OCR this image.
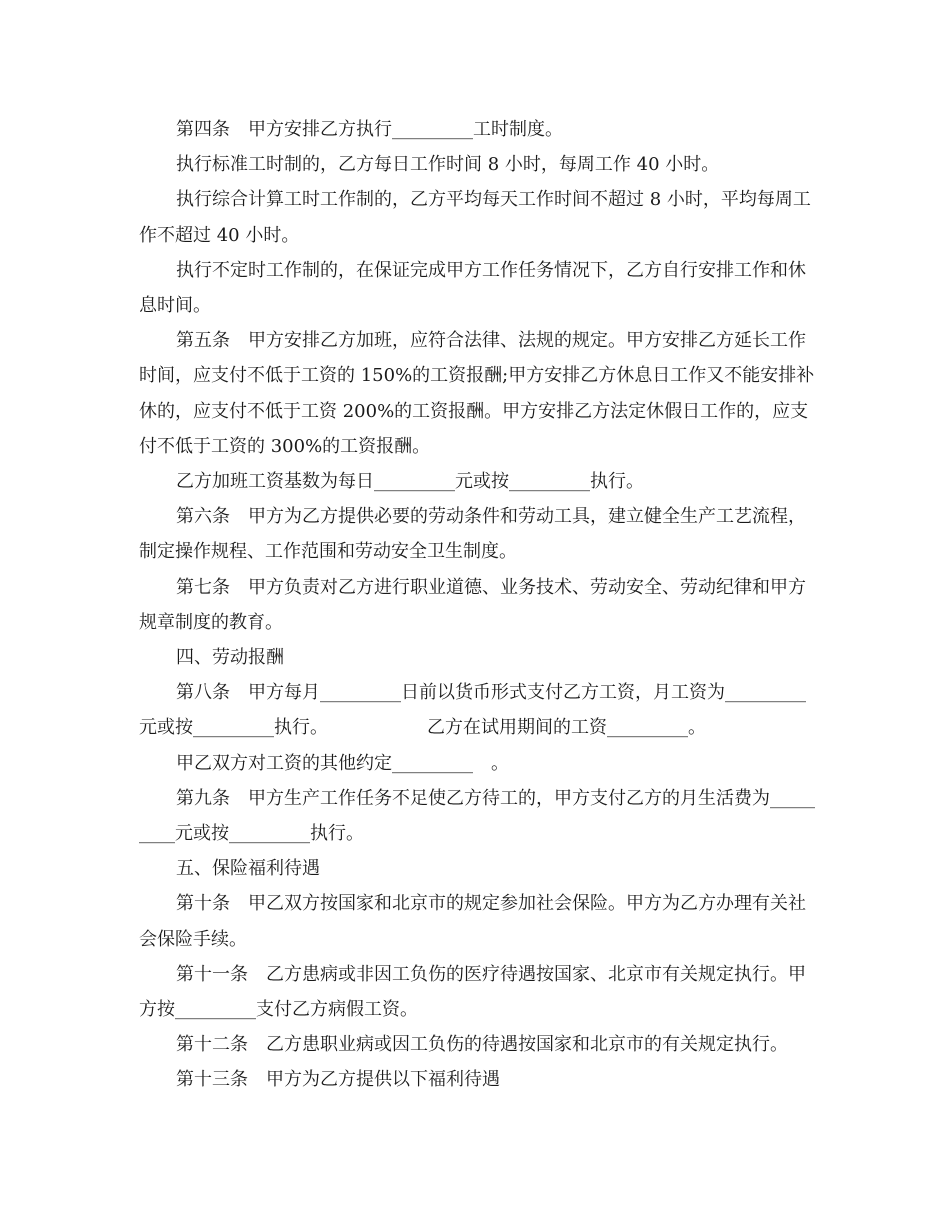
第四条　甲方安排乙方执行_________工时制度。

执行标准工时制的，乙方每日工作时间 8 小时，每周工作 40 小时。

执行综合计算工时工作制的，乙方平均每天工作时间不超过 8 小时，平均每周工作不超过 40 小时。

执行不定时工作制的，在保证完成甲方工作任务情况下，乙方自行安排工作和休息时间。

第五条　甲方安排乙方加班，应符合法律、法规的规定。甲方安排乙方延长工作时间，应支付不低于工资的 150%的工资报酬;甲方安排乙方休息日工作又不能安排补休的，应支付不低于工资 200%的工资报酬。甲方安排乙方法定休假日工作的，应支付不低于工资的 300%的工资报酬。

乙方加班工资基数为每日_________元或按_________执行。

第六条　甲方为乙方提供必要的劳动条件和劳动工具，建立健全生产工艺流程，制定操作规程、工作范围和劳动安全卫生制度。

第七条　甲方负责对乙方进行职业道德、业务技术、劳动安全、劳动纪律和甲方规章制度的教育。

四、劳动报酬

第八条　甲方每月_________日前以货币形式支付乙方工资，月工资为_________元或按_________执行。　　　　　　乙方在试用期间的工资_________。

甲乙双方对工资的其他约定_________　。

第九条　甲方生产工作任务不足使乙方待工的，甲方支付乙方的月生活费为_________元或按_________执行。

五、保险福利待遇

第十条　甲乙双方按国家和北京市的规定参加社会保险。甲方为乙方办理有关社会保险手续。

第十一条　乙方患病或非因工负伤的医疗待遇按国家、北京市有关规定执行。甲方按_________支付乙方病假工资。

第十二条　乙方患职业病或因工负伤的待遇按国家和北京市的有关规定执行。

第十三条　甲方为乙方提供以下福利待遇
